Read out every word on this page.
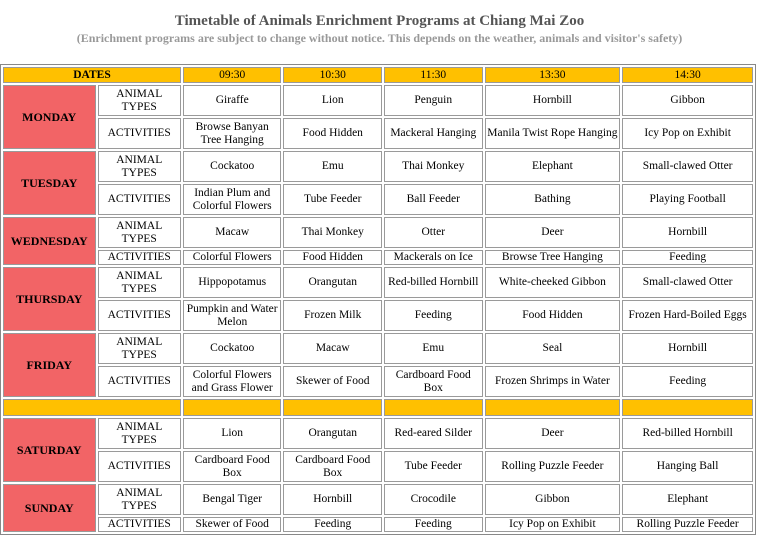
Timetable of Animals Enrichment Programs at Chiang Mai Zoo
(Enrichment programs are subject to change without notice. This depends on the weather, animals and visitor's safety)
DATES		09:30	10:30	11:30	13:30	14:30
MONDAY	ANIMAL TYPES	Giraffe	Lion	Penguin	Hornbill	Gibbon
	ACTIVITIES	Browse Banyan Tree Hanging	Food Hidden	Mackeral Hanging	Manila Twist Rope Hanging	Icy Pop on Exhibit
TUESDAY	ANIMAL TYPES	Cockatoo	Emu	Thai Monkey	Elephant	Small-clawed Otter
	ACTIVITIES	Indian Plum and Colorful Flowers	Tube Feeder	Ball Feeder	Bathing	Playing Football
WEDNESDAY	ANIMAL TYPES	Macaw	Thai Monkey	Otter	Deer	Hornbill
	ACTIVITIES	Colorful Flowers	Food Hidden	Mackerals on Ice	Browse Tree Hanging	Feeding
THURSDAY	ANIMAL TYPES	Hippopotamus	Orangutan	Red-billed Hornbill	White-cheeked Gibbon	Small-clawed Otter
	ACTIVITIES	Pumpkin and Water Melon	Frozen Milk	Feeding	Food Hidden	Frozen Hard-Boiled Eggs
FRIDAY	ANIMAL TYPES	Cockatoo	Macaw	Emu	Seal	Hornbill
	ACTIVITIES	Colorful Flowers and Grass Flower	Skewer of Food	Cardboard Food Box	Frozen Shrimps in Water	Feeding

SATURDAY	ANIMAL TYPES	Lion	Orangutan	Red-eared Silder	Deer	Red-billed Hornbill
	ACTIVITIES	Cardboard Food Box	Cardboard Food Box	Tube Feeder	Rolling Puzzle Feeder	Hanging Ball
SUNDAY	ANIMAL TYPES	Bengal Tiger	Hornbill	Crocodile	Gibbon	Elephant
	ACTIVITIES	Skewer of Food	Feeding	Feeding	Icy Pop on Exhibit	Rolling Puzzle Feeder
